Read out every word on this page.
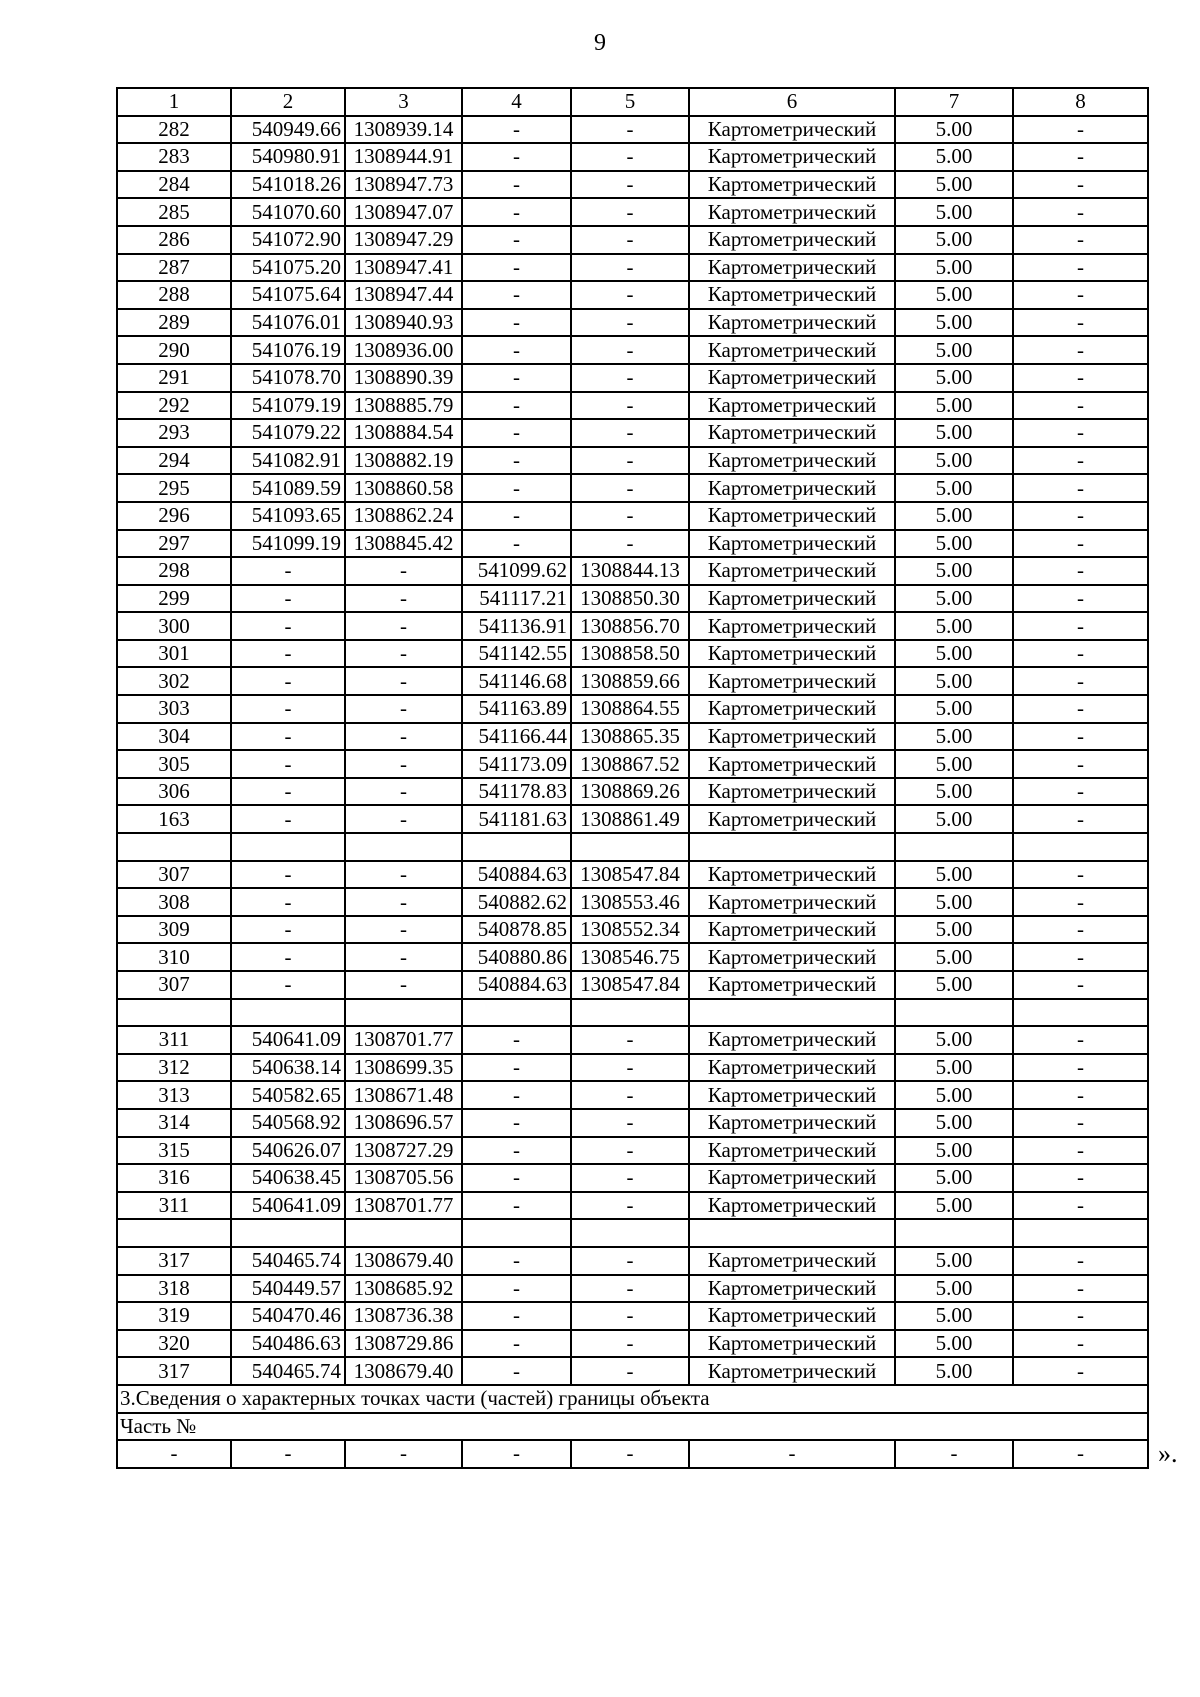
9
1	2	3	4	5	6	7	8
282	540949.66	1308939.14	-	-	Картометрический	5.00	-
283	540980.91	1308944.91	-	-	Картометрический	5.00	-
284	541018.26	1308947.73	-	-	Картометрический	5.00	-
285	541070.60	1308947.07	-	-	Картометрический	5.00	-
286	541072.90	1308947.29	-	-	Картометрический	5.00	-
287	541075.20	1308947.41	-	-	Картометрический	5.00	-
288	541075.64	1308947.44	-	-	Картометрический	5.00	-
289	541076.01	1308940.93	-	-	Картометрический	5.00	-
290	541076.19	1308936.00	-	-	Картометрический	5.00	-
291	541078.70	1308890.39	-	-	Картометрический	5.00	-
292	541079.19	1308885.79	-	-	Картометрический	5.00	-
293	541079.22	1308884.54	-	-	Картометрический	5.00	-
294	541082.91	1308882.19	-	-	Картометрический	5.00	-
295	541089.59	1308860.58	-	-	Картометрический	5.00	-
296	541093.65	1308862.24	-	-	Картометрический	5.00	-
297	541099.19	1308845.42	-	-	Картометрический	5.00	-
298	-	-	541099.62	1308844.13	Картометрический	5.00	-
299	-	-	541117.21	1308850.30	Картометрический	5.00	-
300	-	-	541136.91	1308856.70	Картометрический	5.00	-
301	-	-	541142.55	1308858.50	Картометрический	5.00	-
302	-	-	541146.68	1308859.66	Картометрический	5.00	-
303	-	-	541163.89	1308864.55	Картометрический	5.00	-
304	-	-	541166.44	1308865.35	Картометрический	5.00	-
305	-	-	541173.09	1308867.52	Картометрический	5.00	-
306	-	-	541178.83	1308869.26	Картометрический	5.00	-
163	-	-	541181.63	1308861.49	Картометрический	5.00	-

307	-	-	540884.63	1308547.84	Картометрический	5.00	-
308	-	-	540882.62	1308553.46	Картометрический	5.00	-
309	-	-	540878.85	1308552.34	Картометрический	5.00	-
310	-	-	540880.86	1308546.75	Картометрический	5.00	-
307	-	-	540884.63	1308547.84	Картометрический	5.00	-

311	540641.09	1308701.77	-	-	Картометрический	5.00	-
312	540638.14	1308699.35	-	-	Картометрический	5.00	-
313	540582.65	1308671.48	-	-	Картометрический	5.00	-
314	540568.92	1308696.57	-	-	Картометрический	5.00	-
315	540626.07	1308727.29	-	-	Картометрический	5.00	-
316	540638.45	1308705.56	-	-	Картометрический	5.00	-
311	540641.09	1308701.77	-	-	Картометрический	5.00	-

317	540465.74	1308679.40	-	-	Картометрический	5.00	-
318	540449.57	1308685.92	-	-	Картометрический	5.00	-
319	540470.46	1308736.38	-	-	Картометрический	5.00	-
320	540486.63	1308729.86	-	-	Картометрический	5.00	-
317	540465.74	1308679.40	-	-	Картометрический	5.00	-
3.Сведения о характерных точках части (частей) границы объекта							
Часть №							
-	-	-	-	-	-	-	-	».
